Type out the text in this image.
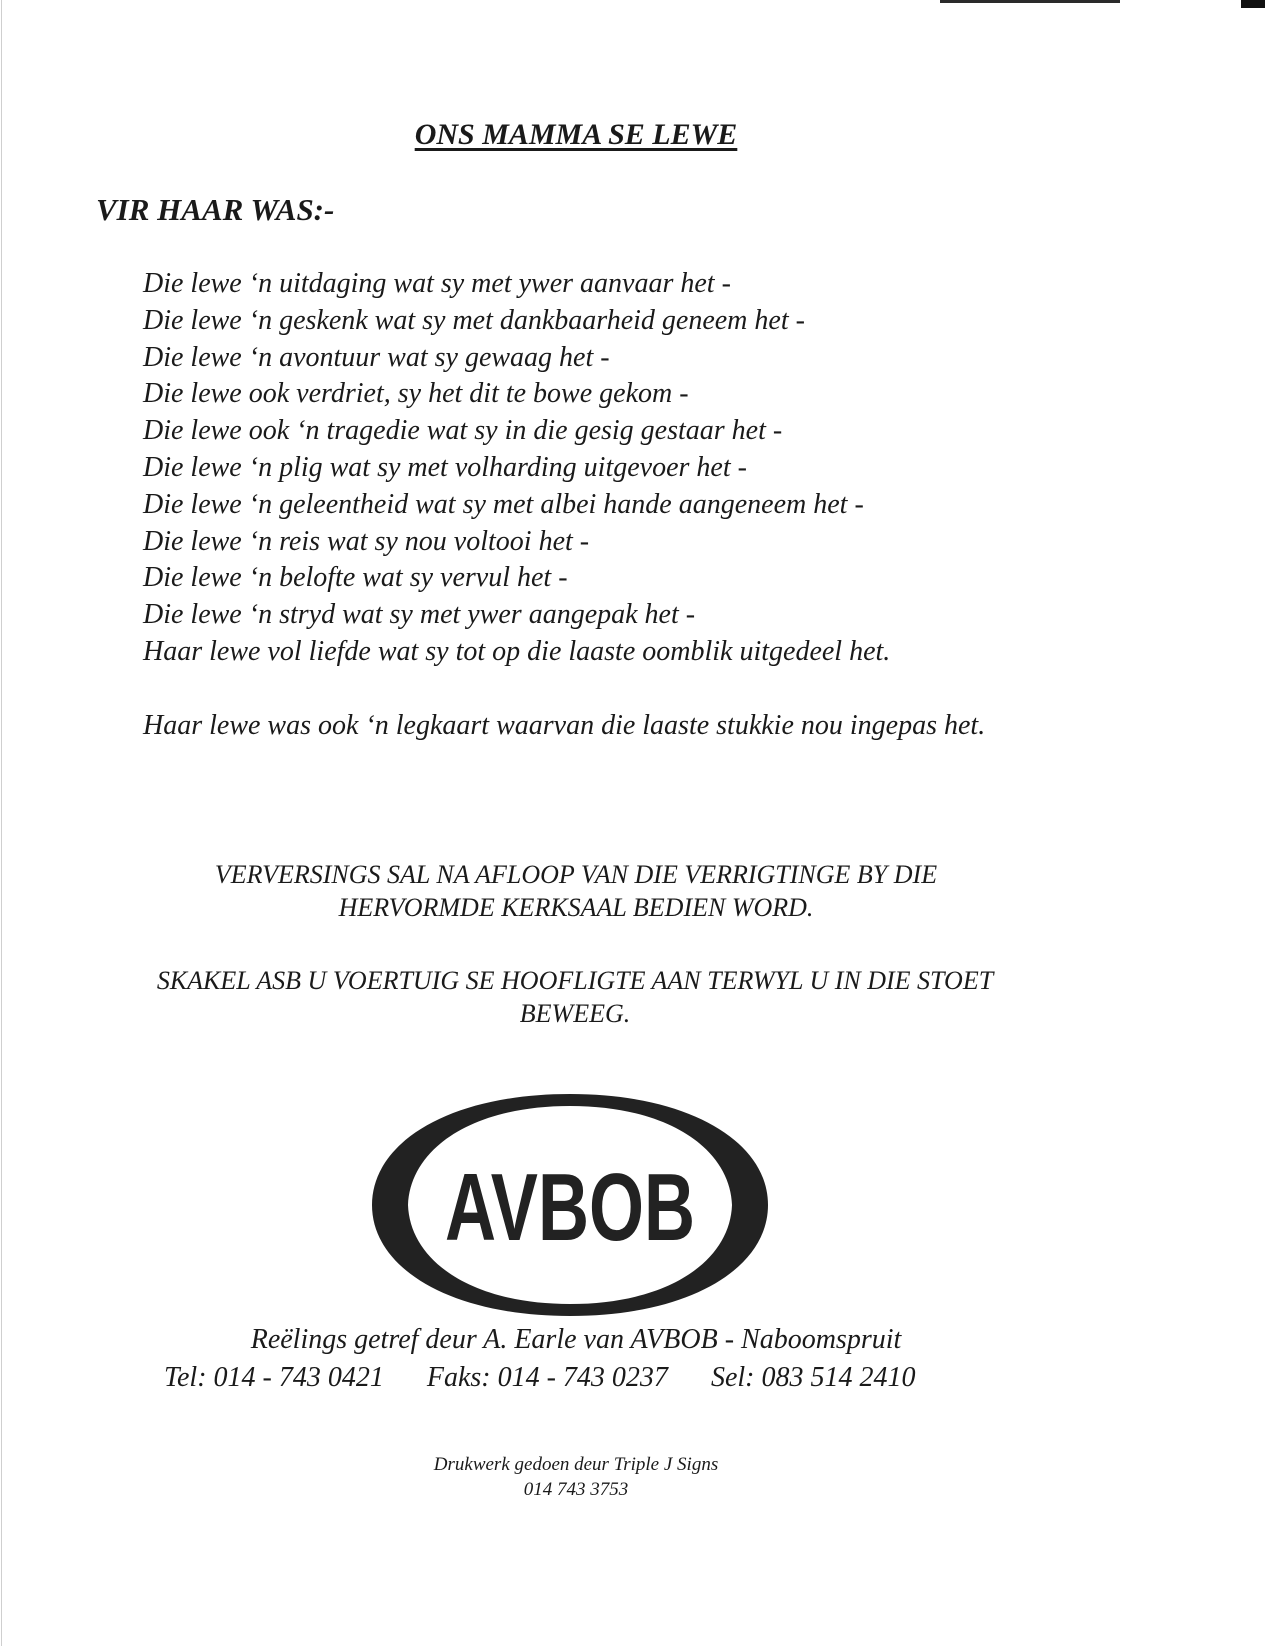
ONS MAMMA SE LEWE
VIR HAAR WAS:-
Die lewe ‘n uitdaging wat sy met ywer aanvaar het -
Die lewe ‘n geskenk wat sy met dankbaarheid geneem het -
Die lewe ‘n avontuur wat sy gewaag het -
Die lewe ook verdriet, sy het dit te bowe gekom -
Die lewe ook ‘n tragedie wat sy in die gesig gestaar het -
Die lewe ‘n plig wat sy met volharding uitgevoer het -
Die lewe ‘n geleentheid wat sy met albei hande aangeneem het -
Die lewe ‘n reis wat sy nou voltooi het -
Die lewe ‘n belofte wat sy vervul het -
Die lewe ‘n stryd wat sy met ywer aangepak het -
Haar lewe vol liefde wat sy tot op die laaste oomblik uitgedeel het.

Haar lewe was ook ‘n legkaart waarvan die laaste stukkie nou ingepas het.

VERVERSINGS SAL NA AFLOOP VAN DIE VERRIGTINGE BY DIE
HERVORMDE KERKSAAL BEDIEN WORD.

SKAKEL ASB U VOERTUIG SE HOOFLIGTE AAN TERWYL U IN DIE STOET
BEWEEG.

AVBOB

Reëlings getref deur A. Earle van AVBOB - Naboomspruit

Tel: 014 - 743 0421 Faks: 014 - 743 0237 Sel: 083 514 2410

Drukwerk gedoen deur Triple J Signs
014 743 3753
